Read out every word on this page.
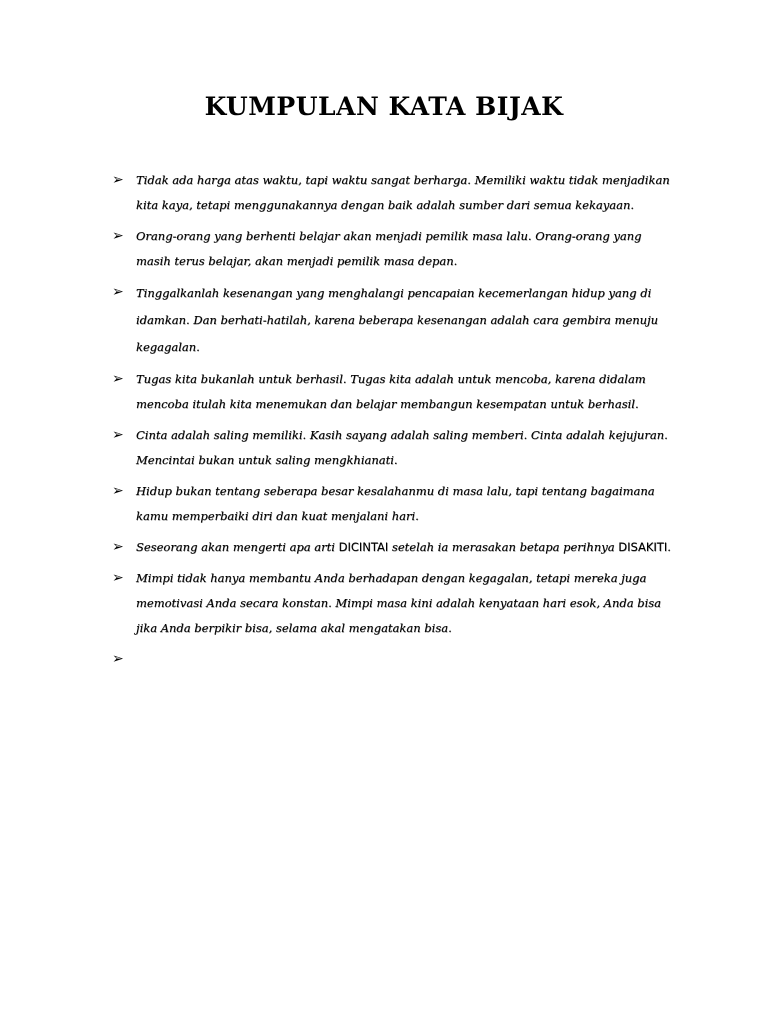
KUMPULAN KATA BIJAK
➢	Tidak ada harga atas waktu, tapi waktu sangat berharga. Memiliki waktu tidak menjadikan kita kaya, tetapi menggunakannya dengan baik adalah sumber dari semua kekayaan.
➢	Orang-orang yang berhenti belajar akan menjadi pemilik masa lalu. Orang-orang yang masih terus belajar, akan menjadi pemilik masa depan.
➢	Tinggalkanlah kesenangan yang menghalangi pencapaian kecemerlangan hidup yang di idamkan. Dan berhati-hatilah, karena beberapa kesenangan adalah cara gembira menuju kegagalan.
➢	Tugas kita bukanlah untuk berhasil. Tugas kita adalah untuk mencoba, karena didalam mencoba itulah kita menemukan dan belajar membangun kesempatan untuk berhasil.
➢	Cinta adalah saling memiliki. Kasih sayang adalah saling memberi. Cinta adalah kejujuran. Mencintai bukan untuk saling mengkhianati.
➢	Hidup bukan tentang seberapa besar kesalahanmu di masa lalu, tapi tentang bagaimana kamu memperbaiki diri dan kuat menjalani hari.
➢	Seseorang akan mengerti apa arti DICINTAI setelah ia merasakan betapa perihnya DISAKITI.
➢	Mimpi tidak hanya membantu Anda berhadapan dengan kegagalan, tetapi mereka juga memotivasi Anda secara konstan. Mimpi masa kini adalah kenyataan hari esok, Anda bisa jika Anda berpikir bisa, selama akal mengatakan bisa.
➢
